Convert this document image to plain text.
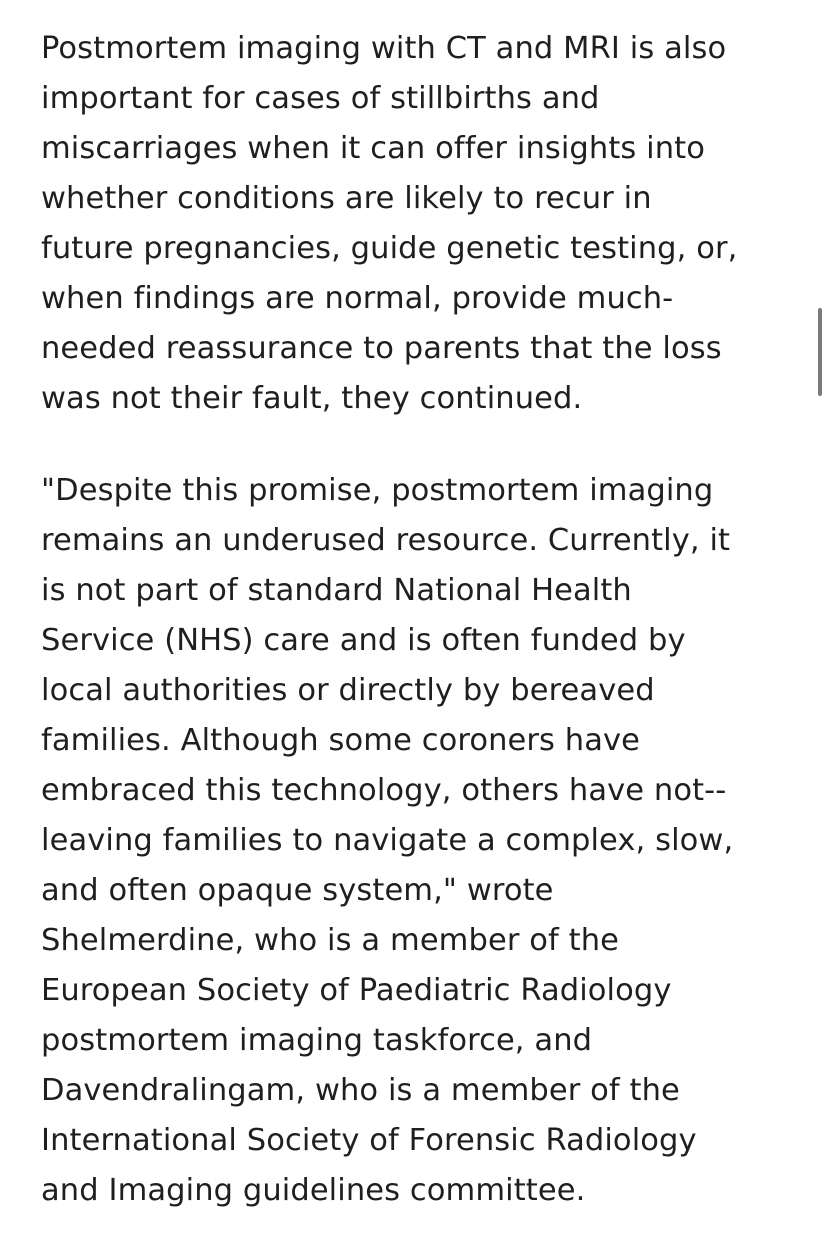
Postmortem imaging with CT and MRI is also
important for cases of stillbirths and
miscarriages when it can offer insights into
whether conditions are likely to recur in
future pregnancies, guide genetic testing, or,
when findings are normal, provide much-
needed reassurance to parents that the loss
was not their fault, they continued.
"Despite this promise, postmortem imaging
remains an underused resource. Currently, it
is not part of standard National Health
Service (NHS) care and is often funded by
local authorities or directly by bereaved
families. Although some coroners have
embraced this technology, others have not--
leaving families to navigate a complex, slow,
and often opaque system," wrote
Shelmerdine, who is a member of the
European Society of Paediatric Radiology
postmortem imaging taskforce, and
Davendralingam, who is a member of the
International Society of Forensic Radiology
and Imaging guidelines committee.
